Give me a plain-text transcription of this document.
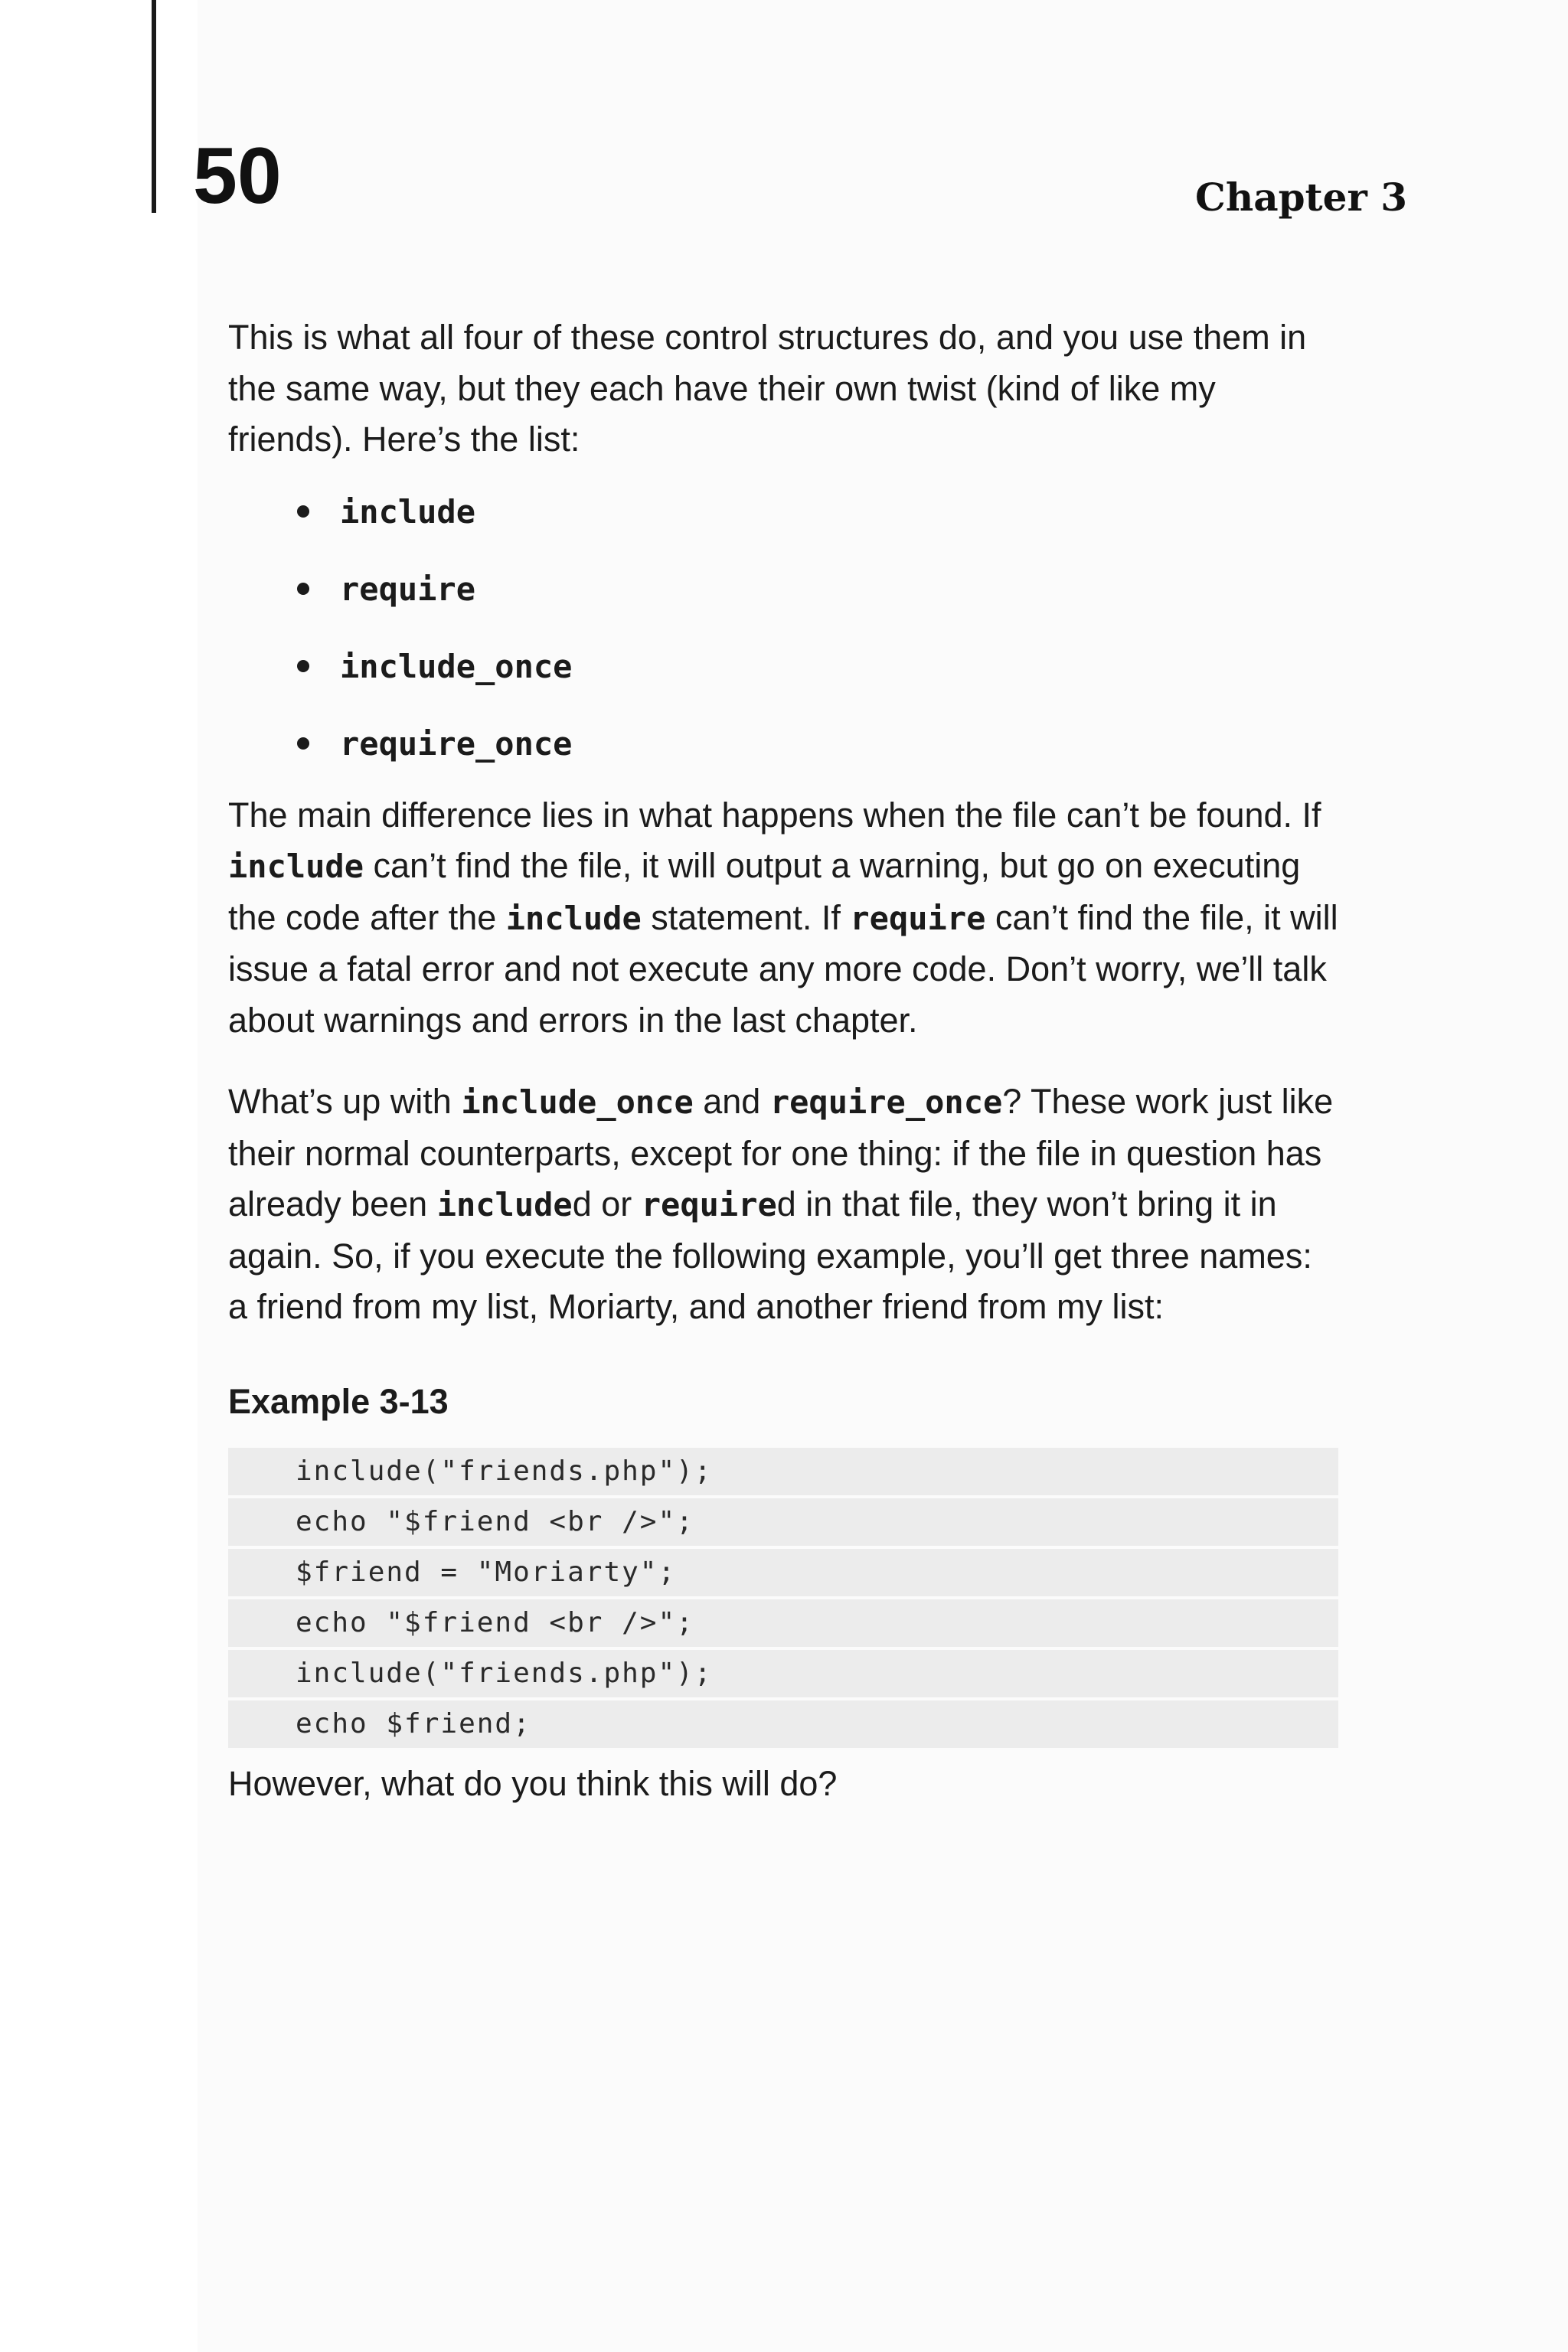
50	Chapter 3

This is what all four of these control structures do, and you use them in the same way, but they each have their own twist (kind of like my friends). Here’s the list:

include
require
include_once
require_once

The main difference lies in what happens when the file can’t be found. If include can’t find the file, it will output a warning, but go on executing the code after the include statement. If require can’t find the file, it will issue a fatal error and not execute any more code. Don’t worry, we’ll talk about warnings and errors in the last chapter.

What’s up with include_once and require_once? These work just like their normal counterparts, except for one thing: if the file in question has already been included or required in that file, they won’t bring it in again. So, if you execute the following example, you’ll get three names: a friend from my list, Moriarty, and another friend from my list:

Example 3-13
include("friends.php");
echo "$friend <br />";
$friend = "Moriarty";
echo "$friend <br />";
include("friends.php");
echo $friend;

However, what do you think this will do?
